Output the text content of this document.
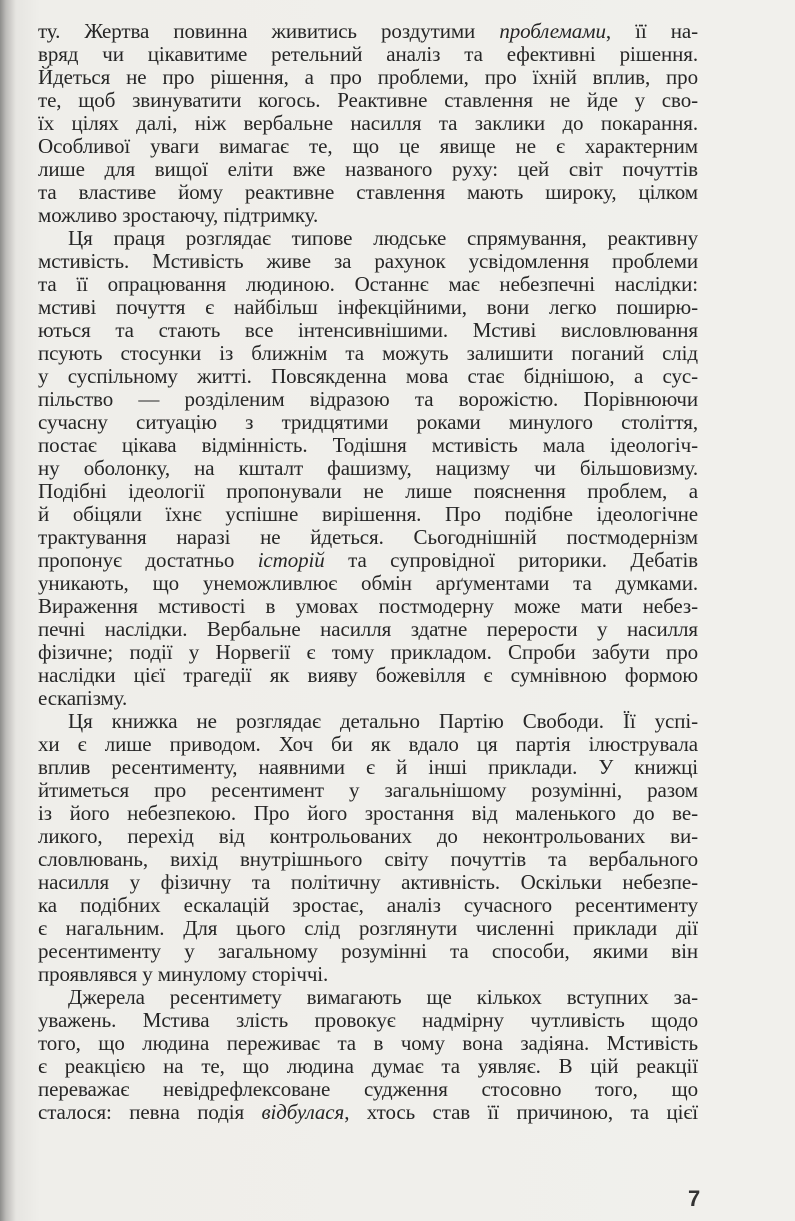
ту. Жертва повинна живитись роздутими проблемами, її на-
вряд чи цікавитиме ретельний аналіз та ефективні рішення.
Йдеться не про рішення, а про проблеми, про їхній вплив, про
те, щоб звинуватити когось. Реактивне ставлення не йде у сво-
їх цілях далі, ніж вербальне насилля та заклики до покарання.
Особливої уваги вимагає те, що це явище не є характерним
лише для вищої еліти вже названого руху: цей світ почуттів
та властиве йому реактивне ставлення мають широку, цілком
можливо зростаючу, підтримку.
Ця праця розглядає типове людське спрямування, реактивну
мстивість. Мстивість живе за рахунок усвідомлення проблеми
та її опрацювання людиною. Останнє має небезпечні наслідки:
мстиві почуття є найбільш інфекційними, вони легко поширю-
ються та стають все інтенсивнішими. Мстиві висловлювання
псують стосунки із ближнім та можуть залишити поганий слід
у суспільному житті. Повсякденна мова стає біднішою, а сус-
пільство — розділеним відразою та ворожістю. Порівнюючи
сучасну ситуацію з тридцятими роками минулого століття,
постає цікава відмінність. Тодішня мстивість мала ідеологіч-
ну оболонку, на кшталт фашизму, нацизму чи більшовизму.
Подібні ідеології пропонували не лише пояснення проблем, а
й обіцяли їхнє успішне вирішення. Про подібне ідеологічне
трактування наразі не йдеться. Сьогоднішній постмодернізм
пропонує достатньо історій та супровідної риторики. Дебатів
уникають, що унеможливлює обмін арґументами та думками.
Вираження мстивості в умовах постмодерну може мати небез-
печні наслідки. Вербальне насилля здатне перерости у насилля
фізичне; події у Норвегії є тому прикладом. Спроби забути про
наслідки цієї трагедії як вияву божевілля є сумнівною формою
ескапізму.
Ця книжка не розглядає детально Партію Свободи. Її успі-
хи є лише приводом. Хоч би як вдало ця партія ілюструвала
вплив ресентименту, наявними є й інші приклади. У книжці
йтиметься про ресентимент у загальнішому розумінні, разом
із його небезпекою. Про його зростання від маленького до ве-
ликого, перехід від контрольованих до неконтрольованих ви-
словлювань, вихід внутрішнього світу почуттів та вербального
насилля у фізичну та політичну активність. Оскільки небезпе-
ка подібних ескалацій зростає, аналіз сучасного ресентименту
є нагальним. Для цього слід розглянути численні приклади дії
ресентименту у загальному розумінні та способи, якими він
проявлявся у минулому сторіччі.
Джерела ресентимету вимагають ще кількох вступних за-
уважень. Мстива злість провокує надмірну чутливість щодо
того, що людина переживає та в чому вона задіяна. Мстивість
є реакцією на те, що людина думає та уявляє. В цій реакції
переважає невідрефлексоване судження стосовно того, що
сталося: певна подія відбулася, хтось став її причиною, та цієї
7
